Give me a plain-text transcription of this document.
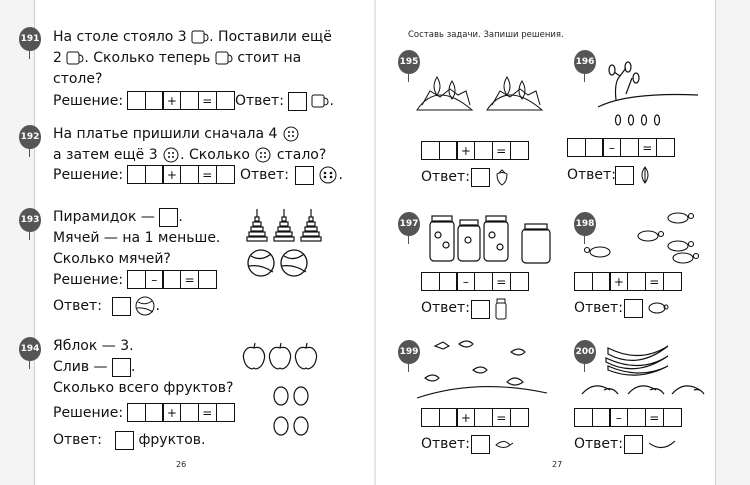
191 На столе стояло 3 . Поставили ещё
2 . Сколько теперь стоит на
столе?
Решение:	+	=	Ответ:	.
192 На платье пришили сначала 4
а затем ещё 3 . Сколько стало?
Решение:	+	=	Ответ:	.
193 Пирамидок — .
Мячей — на 1 меньше.
Сколько мячей?
Решение:	–	=
Ответ:	.
194 Яблок — 3.
Слив — .
Сколько всего фруктов?
Решение:	+	=
Ответ:	фруктов.
26
Составь задачи. Запиши решения.
195
+	=
Ответ:

196
–	=
Ответ:

197
–	=
Ответ:

198
+	=
Ответ:

199
+	=
Ответ:

200
–	=
Ответ:

27
